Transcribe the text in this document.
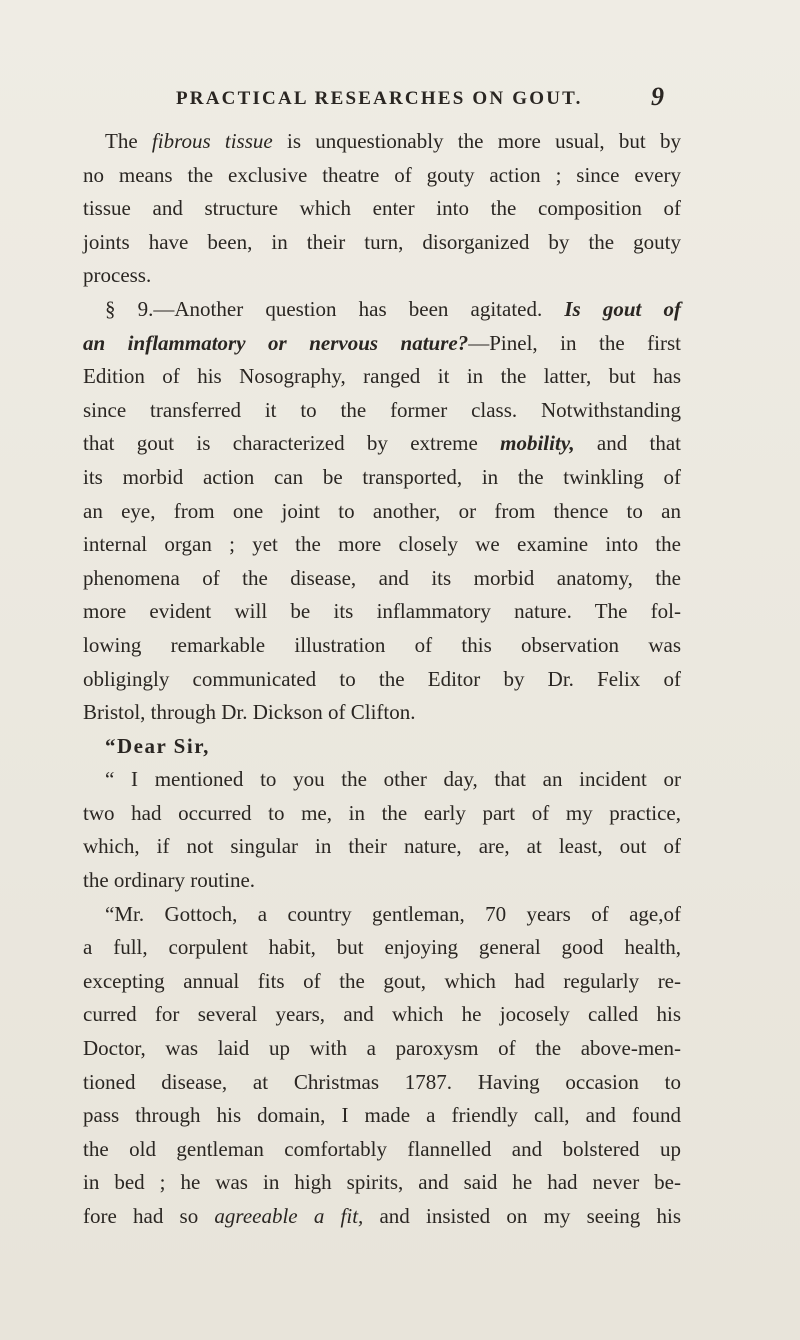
PRACTICAL RESEARCHES ON GOUT.	9
The fibrous tissue is unquestionably the more usual, but by
no means the exclusive theatre of gouty action ; since every
tissue and structure which enter into the composition of
joints have been, in their turn, disorganized by the gouty
process.
§ 9.—Another question has been agitated. Is gout of
an inflammatory or nervous nature?—Pinel, in the first
Edition of his Nosography, ranged it in the latter, but has
since transferred it to the former class. Notwithstanding
that gout is characterized by extreme mobility, and that
its morbid action can be transported, in the twinkling of
an eye, from one joint to another, or from thence to an
internal organ ; yet the more closely we examine into the
phenomena of the disease, and its morbid anatomy, the
more evident will be its inflammatory nature. The fol-
lowing remarkable illustration of this observation was
obligingly communicated to the Editor by Dr. Felix of
Bristol, through Dr. Dickson of Clifton.
“Dear Sir,
“ I mentioned to you the other day, that an incident or
two had occurred to me, in the early part of my practice,
which, if not singular in their nature, are, at least, out of
the ordinary routine.
“Mr. Gottoch, a country gentleman, 70 years of age,of
a full, corpulent habit, but enjoying general good health,
excepting annual fits of the gout, which had regularly re-
curred for several years, and which he jocosely called his
Doctor, was laid up with a paroxysm of the above-men-
tioned disease, at Christmas 1787. Having occasion to
pass through his domain, I made a friendly call, and found
the old gentleman comfortably flannelled and bolstered up
in bed ; he was in high spirits, and said he had never be-
fore had so agreeable a fit, and insisted on my seeing his
